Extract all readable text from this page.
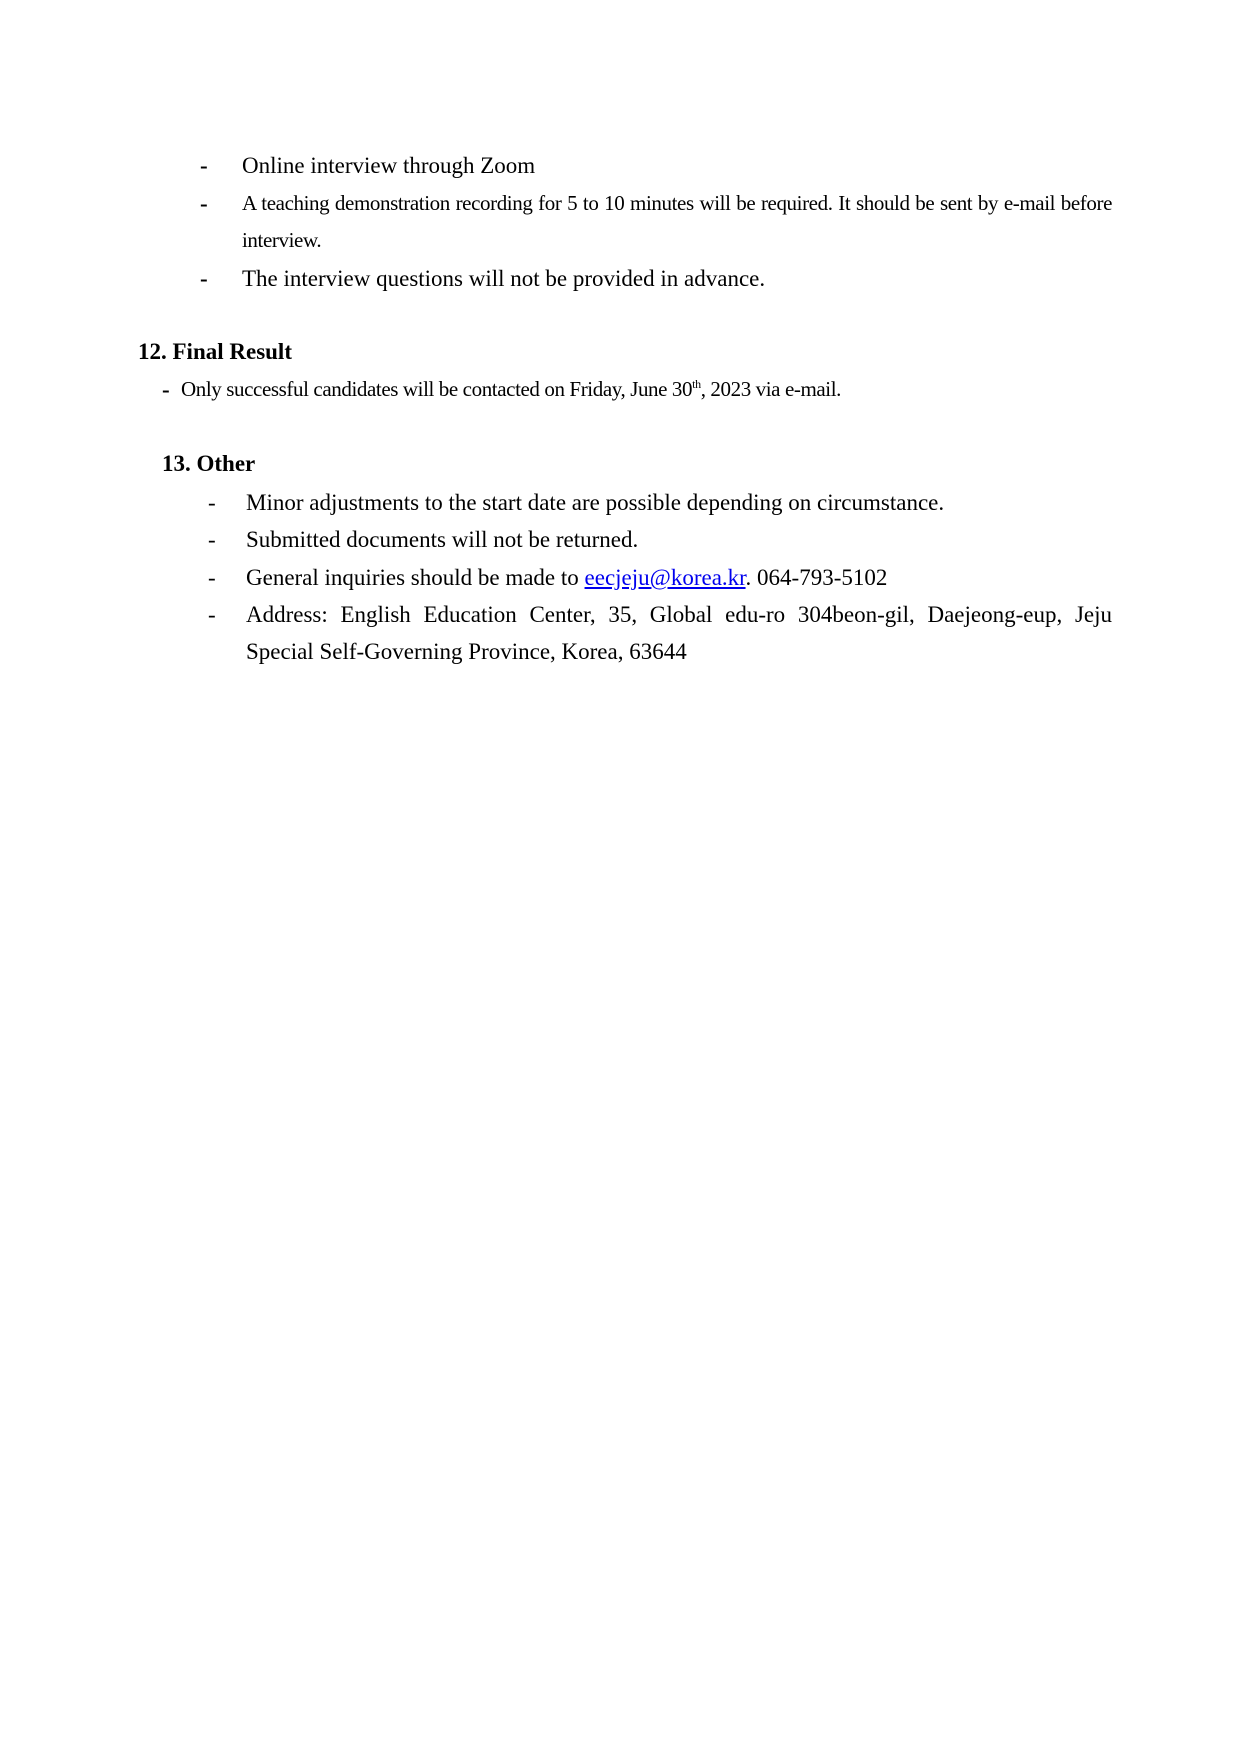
-	Online interview through Zoom
-	A teaching demonstration recording for 5 to 10 minutes will be required. It should be sent by e-mail before interview.
-	The interview questions will not be provided in advance.
12. Final Result
- Only successful candidates will be contacted on Friday, June 30th, 2023 via e-mail.
13. Other
-	Minor adjustments to the start date are possible depending on circumstance.
-	Submitted documents will not be returned.
-	General inquiries should be made to eecjeju@korea.kr. 064-793-5102
-	Address: English Education Center, 35, Global edu-ro 304beon-gil, Daejeong-eup, Jeju Special Self-Governing Province, Korea, 63644
